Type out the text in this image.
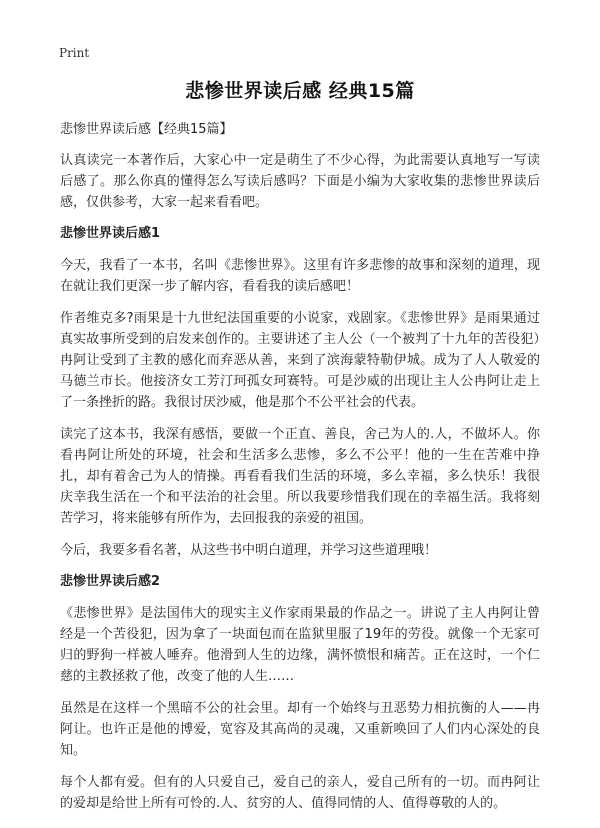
Print
悲惨世界读后感 经典15篇

悲惨世界读后感【经典15篇】

认真读完一本著作后，大家心中一定是萌生了不少心得，为此需要认真地写一写读后感了。那么你真的懂得怎么写读后感吗？下面是小编为大家收集的悲惨世界读后感，仅供参考，大家一起来看看吧。

悲惨世界读后感1

今天，我看了一本书，名叫《悲惨世界》。这里有许多悲惨的故事和深刻的道理，现在就让我们更深一步了解内容，看看我的读后感吧！

作者维克多?雨果是十九世纪法国重要的小说家，戏剧家。《悲惨世界》是雨果通过真实故事所受到的启发来创作的。主要讲述了主人公（一个被判了十九年的苦役犯）冉阿让受到了主教的感化而弃恶从善，来到了滨海蒙特勒伊城。成为了人人敬爱的马德兰市长。他接济女工芳汀珂孤女珂赛特。可是沙威的出现让主人公冉阿让走上了一条挫折的路。我很讨厌沙威，他是那个不公平社会的代表。

读完了这本书，我深有感悟，要做一个正直、善良，舍己为人的.人，不做坏人。你看冉阿让所处的环境，社会和生活多么悲惨，多么不公平！他的一生在苦难中挣扎，却有着舍己为人的情操。再看看我们生活的环境，多么幸福，多么快乐！我很庆幸我生活在一个和平法治的社会里。所以我要珍惜我们现在的幸福生活。我将刻苦学习，将来能够有所作为，去回报我的亲爱的祖国。

今后，我要多看名著，从这些书中明白道理，并学习这些道理哦！

悲惨世界读后感2

《悲惨世界》是法国伟大的现实主义作家雨果最的作品之一。讲说了主人冉阿让曾经是一个苦役犯，因为拿了一块面包而在监狱里服了19年的劳役。就像一个无家可归的野狗一样被人唾弃。他滑到人生的边缘，满怀愤恨和痛苦。正在这时，一个仁慈的主教拯救了他，改变了他的人生……

虽然是在这样一个黑暗不公的社会里。却有一个始终与丑恶势力相抗衡的人——冉阿让。也许正是他的博爱，宽容及其高尚的灵魂，又重新唤回了人们内心深处的良知。

每个人都有爱。但有的人只爱自己，爱自己的亲人，爱自己所有的一切。而冉阿让的爱却是给世上所有可怜的.人、贫穷的人、值得同情的人、值得尊敬的人的。
